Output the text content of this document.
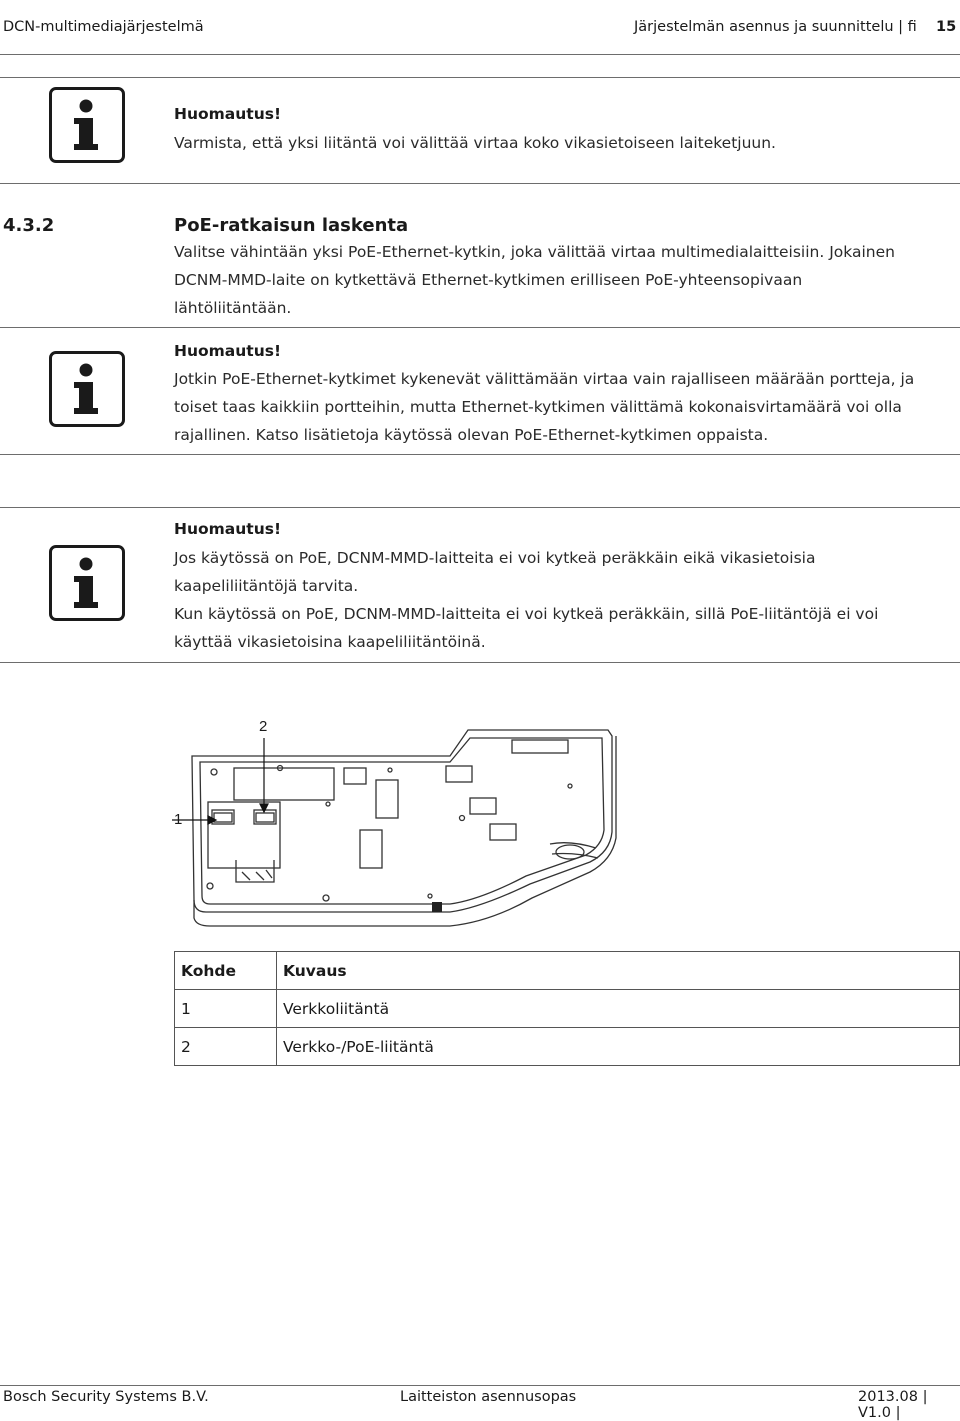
DCN-multimediajärjestelmä	Järjestelmän asennus ja suunnittelu | fi 15
Huomautus!
Varmista, että yksi liitäntä voi välittää virtaa koko vikasietoiseen laiteketjuun.
4.3.2	PoE-ratkaisun laskenta
Valitse vähintään yksi PoE-Ethernet-kytkin, joka välittää virtaa multimedialaitteisiin. Jokainen
DCNM-MMD-laite on kytkettävä Ethernet-kytkimen erilliseen PoE-yhteensopivaan
lähtöliitäntään.
Huomautus!
Jotkin PoE-Ethernet-kytkimet kykenevät välittämään virtaa vain rajalliseen määrään portteja, ja
toiset taas kaikkiin portteihin, mutta Ethernet-kytkimen välittämä kokonaisvirtamäärä voi olla
rajallinen. Katso lisätietoja käytössä olevan PoE-Ethernet-kytkimen oppaista.
Huomautus!
Jos käytössä on PoE, DCNM-MMD-laitteita ei voi kytkeä peräkkäin eikä vikasietoisia
kaapeliliitäntöjä tarvita.
Kun käytössä on PoE, DCNM-MMD-laitteita ei voi kytkeä peräkkäin, sillä PoE-liitäntöjä ei voi
käyttää vikasietoisina kaapeliliitäntöinä.
1
2
Kohde	Kuvaus
1	Verkkoliitäntä
2	Verkko-/PoE-liitäntä
Bosch Security Systems B.V.	Laitteiston asennusopas	2013.08 | V1.0 |
